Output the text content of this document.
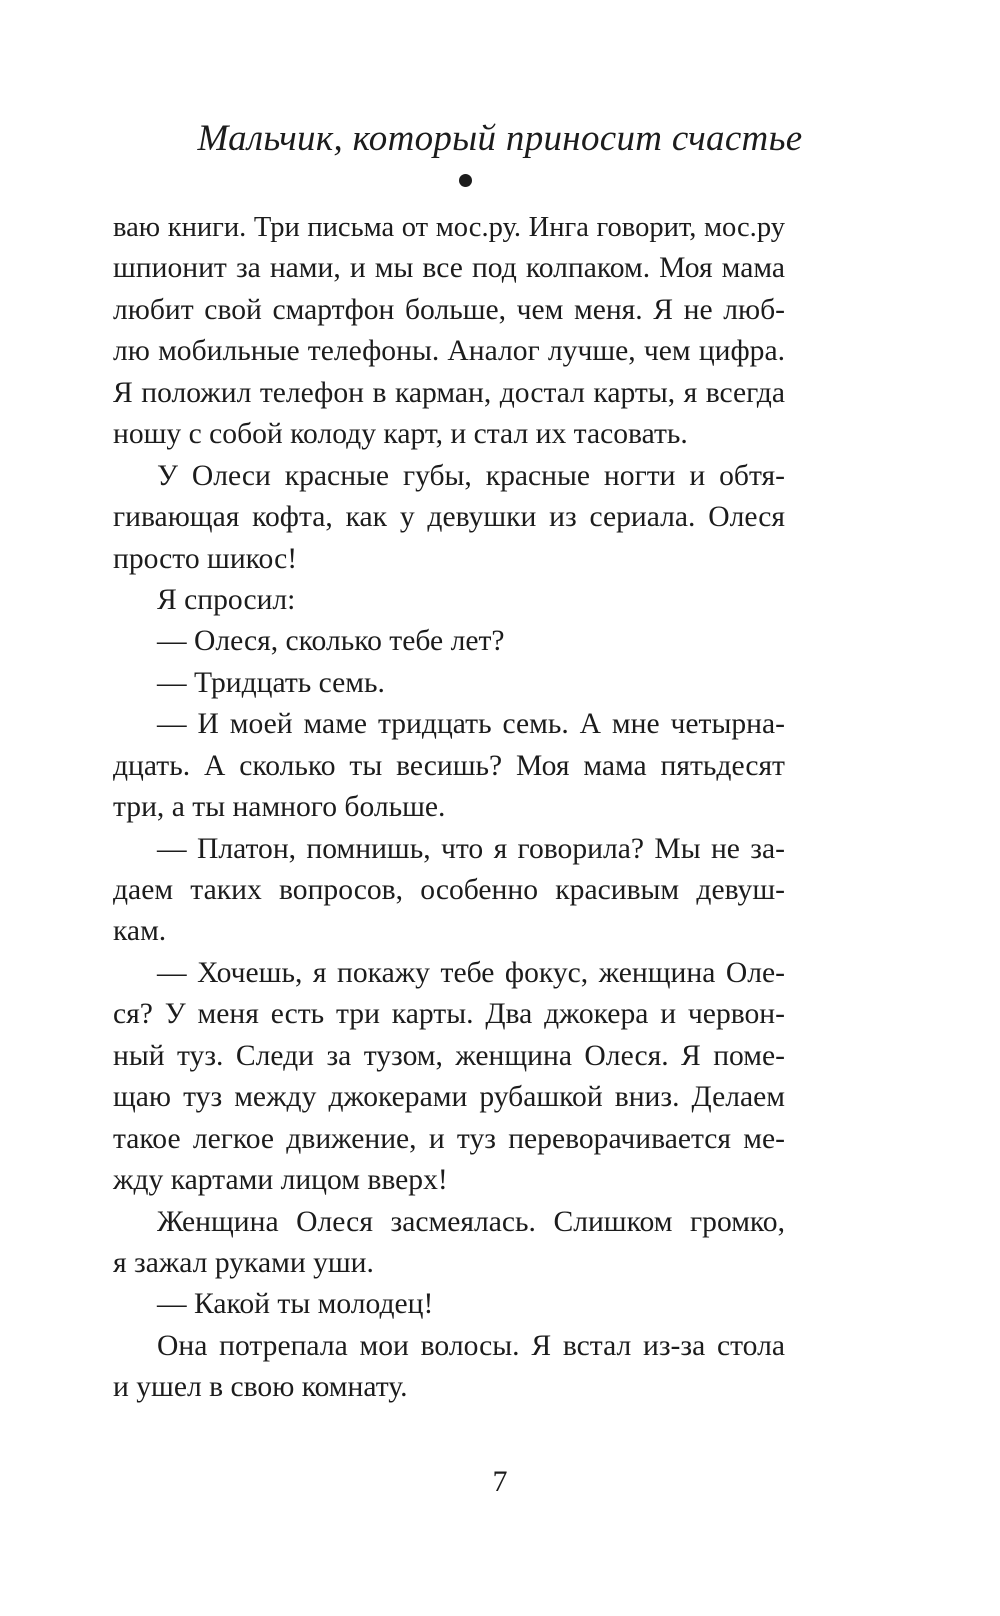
Мальчик, который приносит счастье
ваю книги. Три письма от мос.ру. Инга говорит, мос.ру
шпионит за нами, и мы все под колпаком. Моя мама
любит свой смартфон больше, чем меня. Я не люб-
лю мобильные телефоны. Аналог лучше, чем цифра.
Я положил телефон в карман, достал карты, я всегда
ношу с собой колоду карт, и стал их тасовать.
У Олеси красные губы, красные ногти и обтя-
гивающая кофта, как у девушки из сериала. Олеся
просто шикос!
Я спросил:
— Олеся, сколько тебе лет?
— Тридцать семь.
— И моей маме тридцать семь. А мне четырна-
дцать. А сколько ты весишь? Моя мама пятьдесят
три, а ты намного больше.
— Платон, помнишь, что я говорила? Мы не за-
даем таких вопросов, особенно красивым девуш-
кам.
— Хочешь, я покажу тебе фокус, женщина Оле-
ся? У меня есть три карты. Два джокера и червон-
ный туз. Следи за тузом, женщина Олеся. Я поме-
щаю туз между джокерами рубашкой вниз. Делаем
такое легкое движение, и туз переворачивается ме-
жду картами лицом вверх!
Женщина Олеся засмеялась. Слишком громко,
я зажал руками уши.
— Какой ты молодец!
Она потрепала мои волосы. Я встал из-за стола
и ушел в свою комнату.
7
